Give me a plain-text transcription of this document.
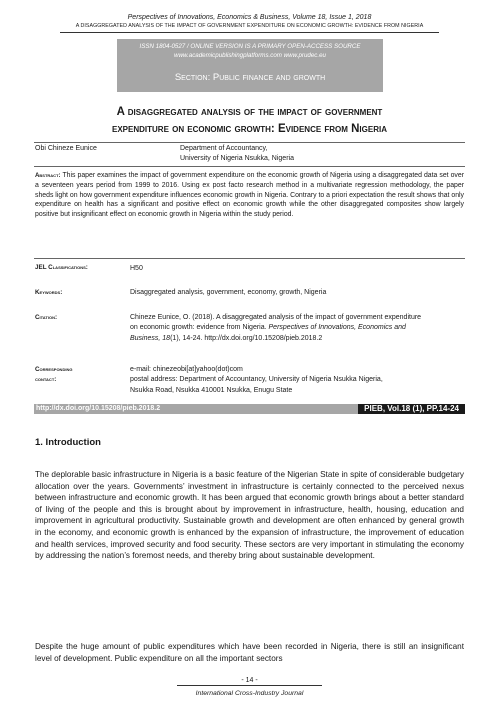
Perspectives of Innovations, Economics & Business, Volume 18, Issue 1, 2018
A DISAGGREGATED ANALYSIS OF THE IMPACT OF GOVERNMENT EXPENDITURE ON ECONOMIC GROWTH: EVIDENCE FROM NIGERIA
ISSN 1804-0527 / ONLINE VERSION IS A PRIMARY OPEN-ACCESS SOURCE
www.academicpublishingplatforms.com www.prudec.eu
Section: Public finance and growth
A disaggregated analysis of the impact of government
expenditure on economic growth: Evidence from Nigeria
Obi Chineze Eunice	Department of Accountancy,
University of Nigeria Nsukka, Nigeria
Abstract: This paper examines the impact of government expenditure on the economic growth of Nigeria using a disaggregated data set over a seventeen years period from 1999 to 2016. Using ex post facto research method in a multivariate regression methodology, the paper sheds light on how government expenditure influences economic growth in Nigeria. Contrary to a priori expectation the result shows that only expenditure on health has a significant and positive effect on economic growth while the other disaggregated composites show largely positive but insignificant effect on economic growth in Nigeria within the study period.
JEL Classifications:	H50
Keywords:	Disaggregated analysis, government, economy, growth, Nigeria
Citation:	Chineze Eunice, O. (2018). A disaggregated analysis of the impact of government expenditure on economic growth: evidence from Nigeria. Perspectives of Innovations, Economics and Business, 18(1), 14-24. http://dx.doi.org/10.15208/pieb.2018.2
Corresponding
contact:
e-mail: chinezeobi[at]yahoo(dot)com
postal address: Department of Accountancy, University of Nigeria Nsukka Nigeria,
Nsukka Road, Nsukka 410001 Nsukka, Enugu State
http://dx.doi.org/10.15208/pieb.2018.2	PIEB, Vol.18 (1), PP.14-24
1. Introduction
The deplorable basic infrastructure in Nigeria is a basic feature of the Nigerian State in spite of considerable budgetary allocation over the years. Governments’ investment in infrastructure is certainly connected to the perceived nexus between infrastructure and economic growth. It has been argued that economic growth brings about a better standard of living of the people and this is brought about by improvement in infrastructure, health, housing, education and improvement in agricultural productivity. Sustainable growth and development are often enhanced by general growth in the economy, and economic growth is enhanced by the expansion of infrastructure, the improvement of education and health services, improved security and food security. These sectors are very important in stimulating the economy by addressing the nation’s foremost needs, and thereby bring about sustainable development.
Despite the huge amount of public expenditures which have been recorded in Nigeria, there is still an insignificant level of development. Public expenditure on all the important sectors
- 14 -
International Cross-Industry Journal
